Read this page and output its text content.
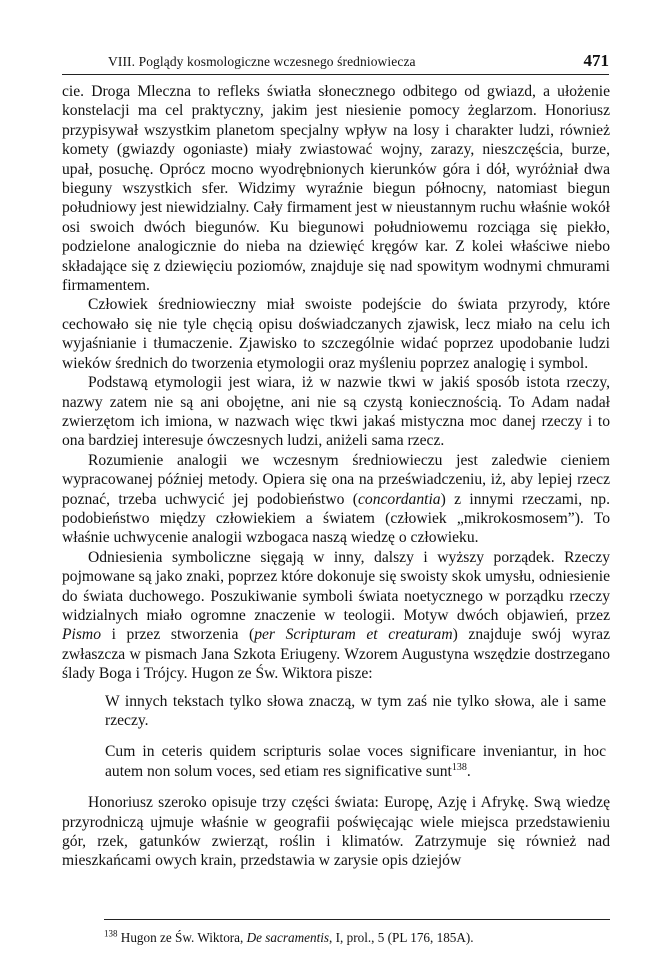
VIII. Poglądy kosmologiczne wczesnego średniowiecza	471

cie. Droga Mleczna to refleks światła słonecznego odbitego od gwiazd, a ułożenie konstelacji ma cel praktyczny, jakim jest niesienie pomocy żeglarzom. Honoriusz przypisywał wszystkim planetom specjalny wpływ na losy i charakter ludzi, również komety (gwiazdy ogoniaste) miały zwiastować wojny, zarazy, nieszczęścia, burze, upał, posuchę. Oprócz mocno wyodrębnionych kierunków góra i dół, wyróżniał dwa bieguny wszystkich sfer. Widzimy wyraźnie biegun północny, natomiast biegun południowy jest niewidzialny. Cały firmament jest w nieustannym ruchu właśnie wokół osi swoich dwóch biegunów. Ku biegunowi południowemu rozciąga się piekło, podzielone analogicznie do nieba na dziewięć kręgów kar. Z kolei właściwe niebo składające się z dziewięciu poziomów, znajduje się nad spowitym wodnymi chmurami firmamentem.

Człowiek średniowieczny miał swoiste podejście do świata przyrody, które cechowało się nie tyle chęcią opisu doświadczanych zjawisk, lecz miało na celu ich wyjaśnianie i tłumaczenie. Zjawisko to szczególnie widać poprzez upodobanie ludzi wieków średnich do tworzenia etymologii oraz myśleniu poprzez analogię i symbol.

Podstawą etymologii jest wiara, iż w nazwie tkwi w jakiś sposób istota rzeczy, nazwy zatem nie są ani obojętne, ani nie są czystą koniecznością. To Adam nadał zwierzętom ich imiona, w nazwach więc tkwi jakaś mistyczna moc danej rzeczy i to ona bardziej interesuje ówczesnych ludzi, aniżeli sama rzecz.

Rozumienie analogii we wczesnym średniowieczu jest zaledwie cieniem wypracowanej później metody. Opiera się ona na przeświadczeniu, iż, aby lepiej rzecz poznać, trzeba uchwycić jej podobieństwo (concordantia) z innymi rzeczami, np. podobieństwo między człowiekiem a światem (człowiek „mikrokosmosem”). To właśnie uchwycenie analogii wzbogaca naszą wiedzę o człowieku.

Odniesienia symboliczne sięgają w inny, dalszy i wyższy porządek. Rzeczy pojmowane są jako znaki, poprzez które dokonuje się swoisty skok umysłu, odniesienie do świata duchowego. Poszukiwanie symboli świata noetycznego w porządku rzeczy widzialnych miało ogromne znaczenie w teologii. Motyw dwóch objawień, przez Pismo i przez stworzenia (per Scripturam et creaturam) znajduje swój wyraz zwłaszcza w pismach Jana Szkota Eriugeny. Wzorem Augustyna wszędzie dostrzegano ślady Boga i Trójcy. Hugon ze Św. Wiktora pisze:

W innych tekstach tylko słowa znaczą, w tym zaś nie tylko słowa, ale i same rzeczy.

Cum in ceteris quidem scripturis solae voces significare inveniantur, in hoc autem non solum voces, sed etiam res significative sunt$^{138}$.

Honoriusz szeroko opisuje trzy części świata: Europę, Azję i Afrykę. Swą wiedzę przyrodniczą ujmuje właśnie w geografii poświęcając wiele miejsca przedstawieniu gór, rzek, gatunków zwierząt, roślin i klimatów. Zatrzymuje się również nad mieszkańcami owych krain, przedstawia w zarysie opis dziejów

$^{138}$ Hugon ze Św. Wiktora, De sacramentis, I, prol., 5 (PL 176, 185A).
